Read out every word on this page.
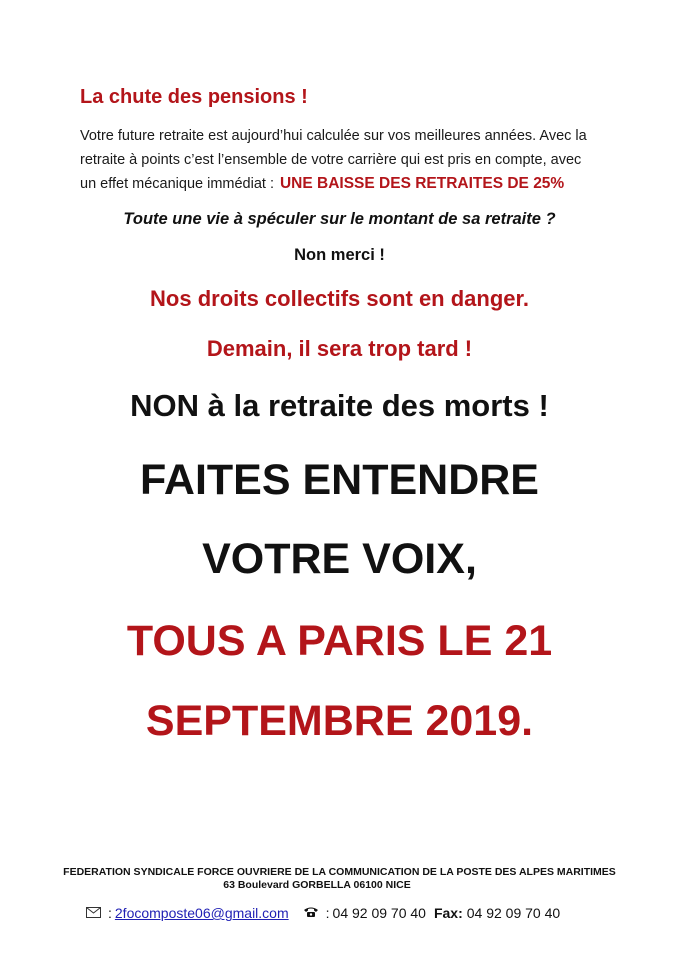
La chute des pensions !

Votre future retraite est aujourd’hui calculée sur vos meilleures années. Avec la
retraite à points c’est l’ensemble de votre carrière qui est pris en compte, avec
un effet mécanique immédiat : UNE BAISSE DES RETRAITES DE 25%

Toute une vie à spéculer sur le montant de sa retraite ?

Non merci !

Nos droits collectifs sont en danger.

Demain, il sera trop tard !

NON à la retraite des morts !

FAITES ENTENDRE

VOTRE VOIX,

TOUS A PARIS LE 21

SEPTEMBRE 2019.

FEDERATION SYNDICALE FORCE OUVRIERE DE LA COMMUNICATION DE LA POSTE DES ALPES MARITIMES

63 Boulevard GORBELLA 06100 NICE

: 2focomposte06@gmail.com	: 04 92 09 70 40 Fax: 04 92 09 70 40
